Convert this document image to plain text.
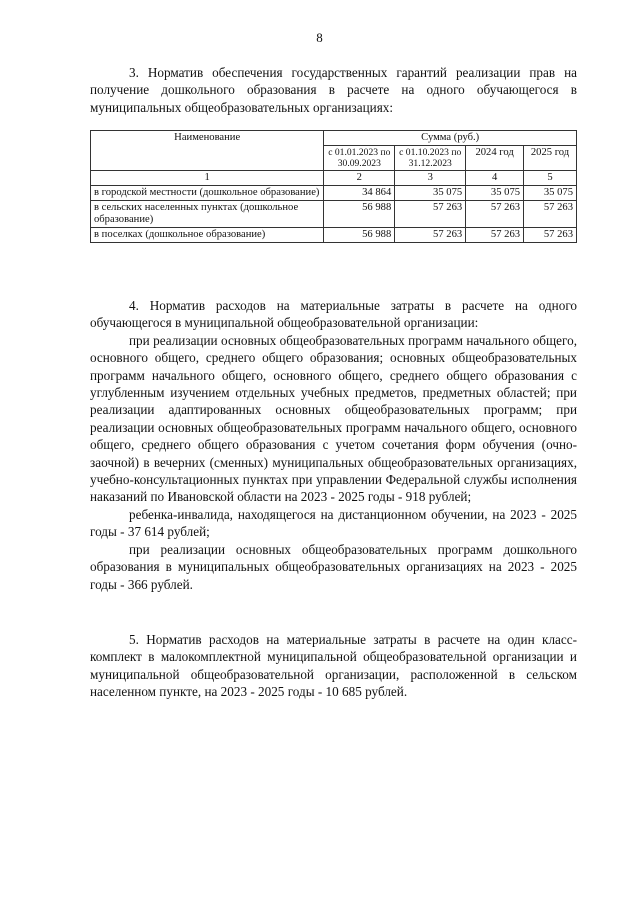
8

3. Норматив обеспечения государственных гарантий реализации прав на получение дошкольного образования в расчете на одного обучающегося в муниципальных общеобразовательных организациях:

Наименование	Сумма (руб.)			
	с 01.01.2023 по 30.09.2023	с 01.10.2023 по 31.12.2023	2024 год	2025 год
1	2	3	4	5
в городской местности (дошкольное образование)	34 864	35 075	35 075	35 075
в сельских населенных пунктах (дошкольное образование)	56 988	57 263	57 263	57 263
в поселках (дошкольное образование)	56 988	57 263	57 263	57 263

4. Норматив расходов на материальные затраты в расчете на одного обучающегося в муниципальной общеобразовательной организации:

при реализации основных общеобразовательных программ начального общего, основного общего, среднего общего образования; основных общеобразовательных программ начального общего, основного общего, среднего общего образования с углубленным изучением отдельных учебных предметов, предметных областей; при реализации адаптированных основных общеобразовательных программ; при реализации основных общеобразовательных программ начального общего, основного общего, среднего общего образования с учетом сочетания форм обучения (очно-заочной) в вечерних (сменных) муниципальных общеобразовательных организациях, учебно-консультационных пунктах при управлении Федеральной службы исполнения наказаний по Ивановской области на 2023 - 2025 годы - 918 рублей;

ребенка-инвалида, находящегося на дистанционном обучении, на 2023 - 2025 годы - 37 614 рублей;

при реализации основных общеобразовательных программ дошкольного образования в муниципальных общеобразовательных организациях на 2023 - 2025 годы - 366 рублей.

5. Норматив расходов на материальные затраты в расчете на один класс-комплект в малокомплектной муниципальной общеобразовательной организации и муниципальной общеобразовательной организации, расположенной в сельском населенном пункте, на 2023 - 2025 годы - 10 685 рублей.
